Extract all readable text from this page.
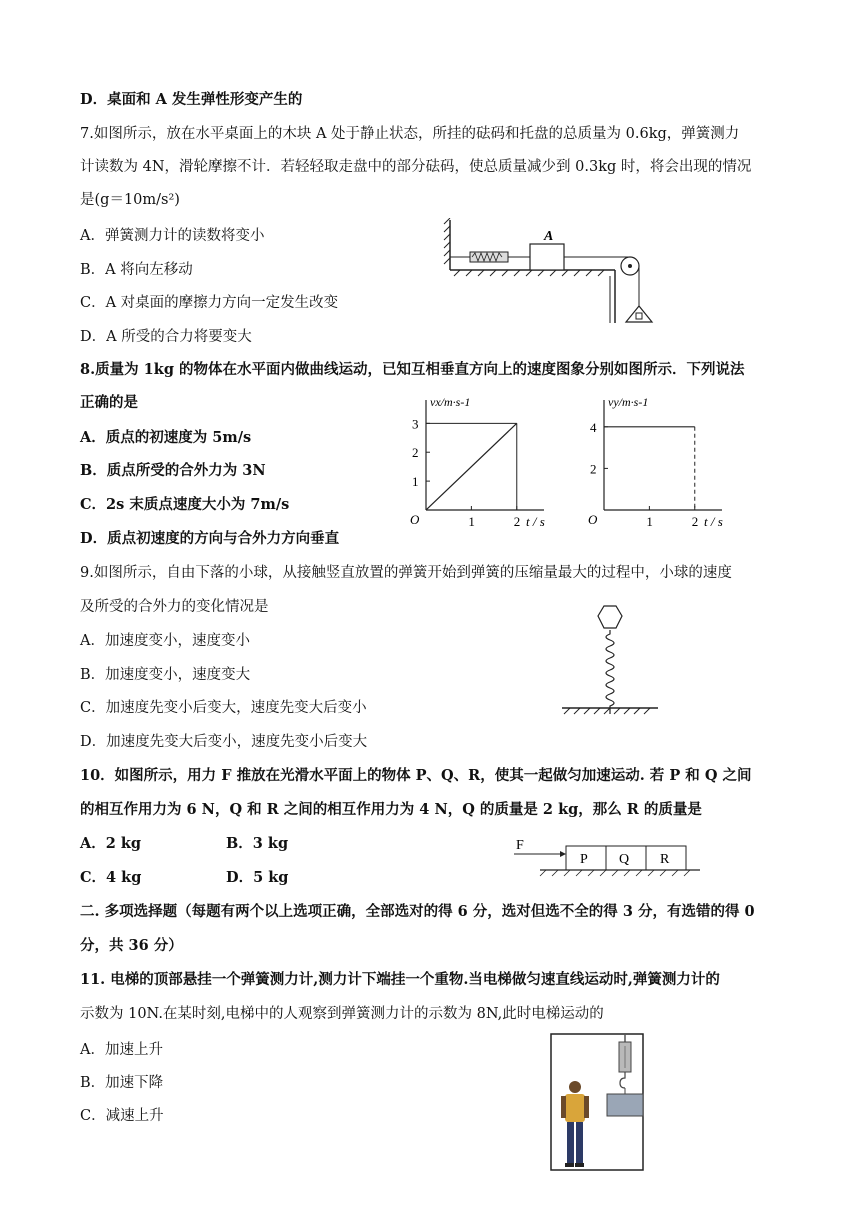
D．桌面和 A 发生弹性形变产生的
7.如图所示，放在水平桌面上的木块 A 处于静止状态，所挂的砝码和托盘的总质量为 0.6kg，弹簧测力
计读数为 4N，滑轮摩擦不计．若轻轻取走盘中的部分砝码，使总质量减少到 0.3kg 时，将会出现的情况
是(g＝10m/s²)
A．弹簧测力计的读数将变小
B．A 将向左移动
C．A 对桌面的摩擦力方向一定发生改变
D．A 所受的合力将要变大
A
8.质量为 1kg 的物体在水平面内做曲线运动，已知互相垂直方向上的速度图象分别如图所示．下列说法
正确的是
A．质点的初速度为 5m/s
B．质点所受的合外力为 3N
C．2s 末质点速度大小为 7m/s
D．质点初速度的方向与合外力方向垂直
vx/m·s-1
t / s
O	1	2
1
2
3
vy/m·s-1
t / s
O	1	2
2
4
9.如图所示，自由下落的小球，从接触竖直放置的弹簧开始到弹簧的压缩量最大的过程中，小球的速度
及所受的合外力的变化情况是
A．加速度变小，速度变小
B．加速度变小，速度变大
C．加速度先变小后变大，速度先变大后变小
D．加速度先变大后变小，速度先变小后变大
10．如图所示，用力 F 推放在光滑水平面上的物体 P、Q、R，使其一起做匀加速运动. 若 P 和 Q 之间
的相互作用力为 6 N，Q 和 R 之间的相互作用力为 4 N，Q 的质量是 2 kg，那么 R 的质量是
A．2 kg	B．3 kg
C．4 kg	D．5 kg
F
P Q R
二. 多项选择题（每题有两个以上选项正确，全部选对的得 6 分，选对但选不全的得 3 分，有选错的得 0
分，共 36 分）
11. 电梯的顶部悬挂一个弹簧测力计,测力计下端挂一个重物.当电梯做匀速直线运动时,弹簧测力计的
示数为 10N.在某时刻,电梯中的人观察到弹簧测力计的示数为 8N,此时电梯运动的
A．加速上升
B．加速下降
C．减速上升
